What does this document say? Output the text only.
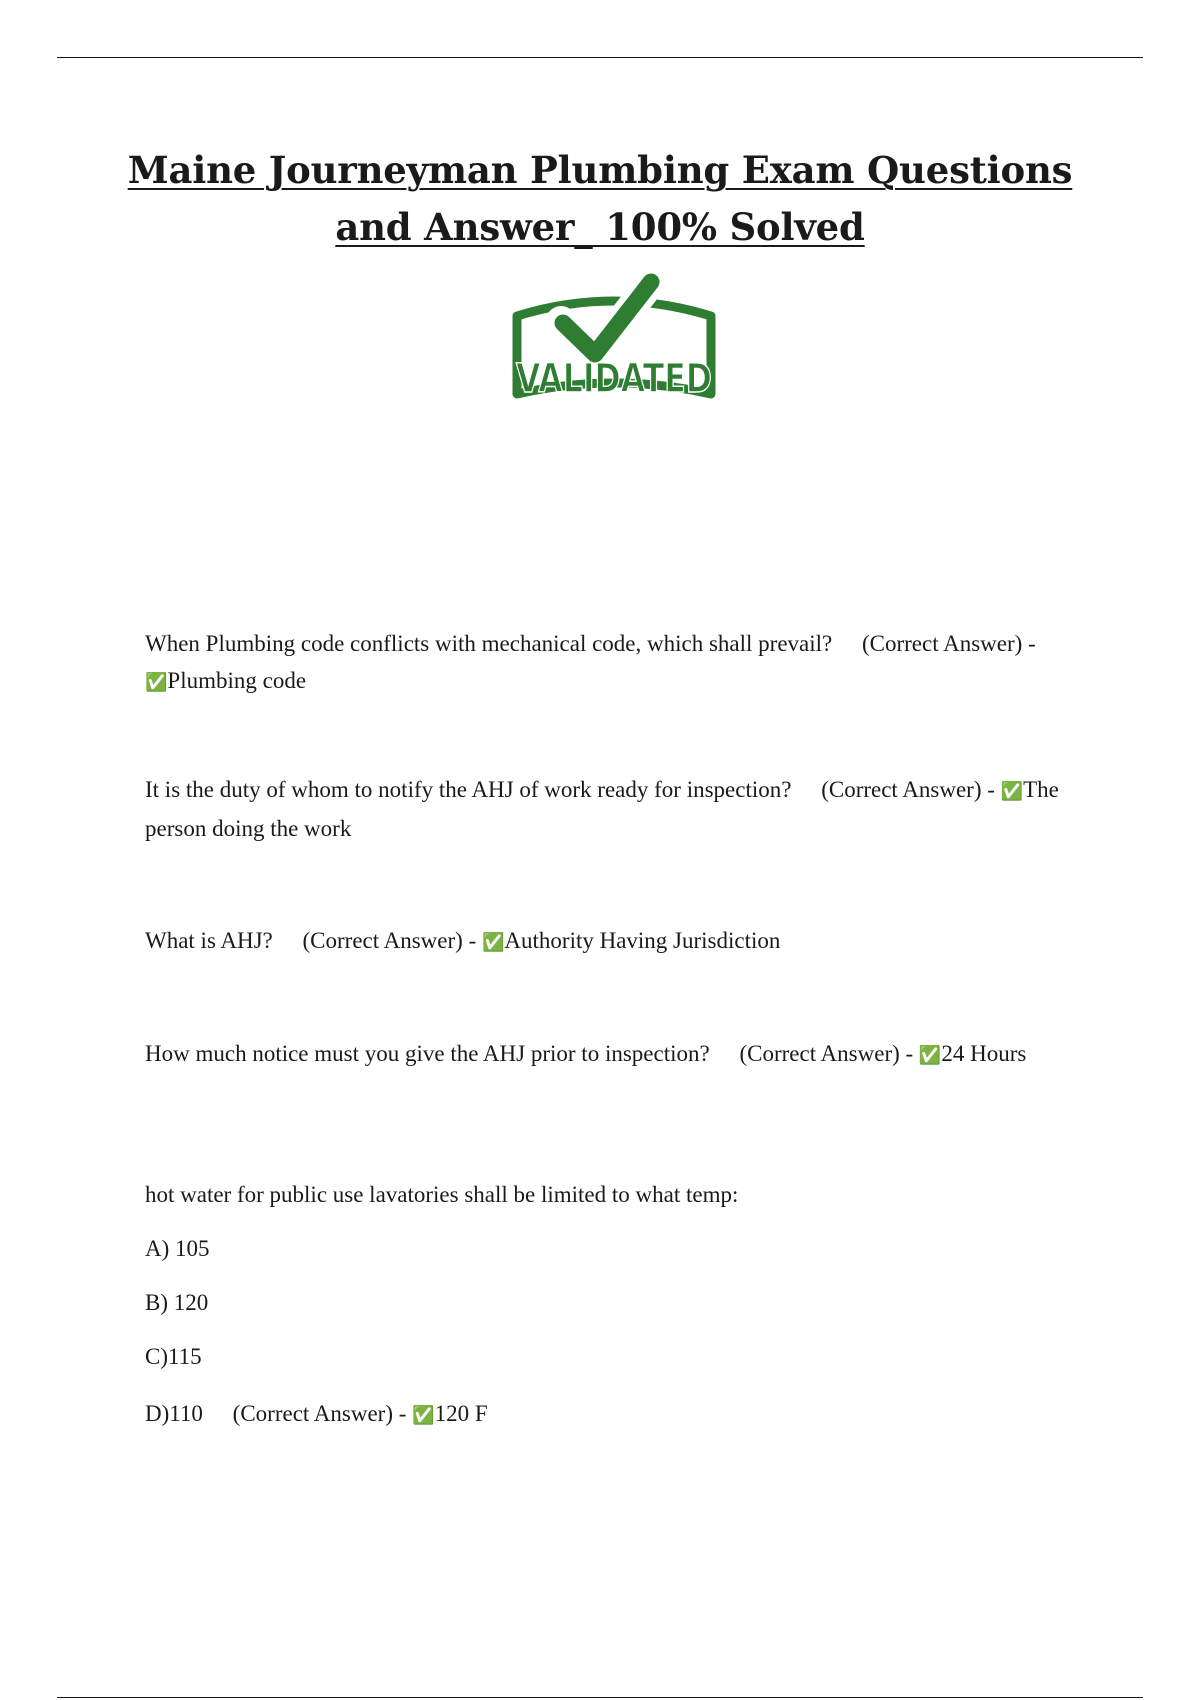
Maine Journeyman Plumbing Exam Questions
and Answer_ 100% Solved
VALIDATED

When Plumbing code conflicts with mechanical code, which shall prevail? (Correct Answer) - ✅Plumbing code

It is the duty of whom to notify the AHJ of work ready for inspection? (Correct Answer) - ✅The person doing the work

What is AHJ? (Correct Answer) - ✅Authority Having Jurisdiction

How much notice must you give the AHJ prior to inspection? (Correct Answer) - ✅24 Hours

hot water for public use lavatories shall be limited to what temp:

A) 105

B) 120

C)115

D)110 (Correct Answer) - ✅120 F
